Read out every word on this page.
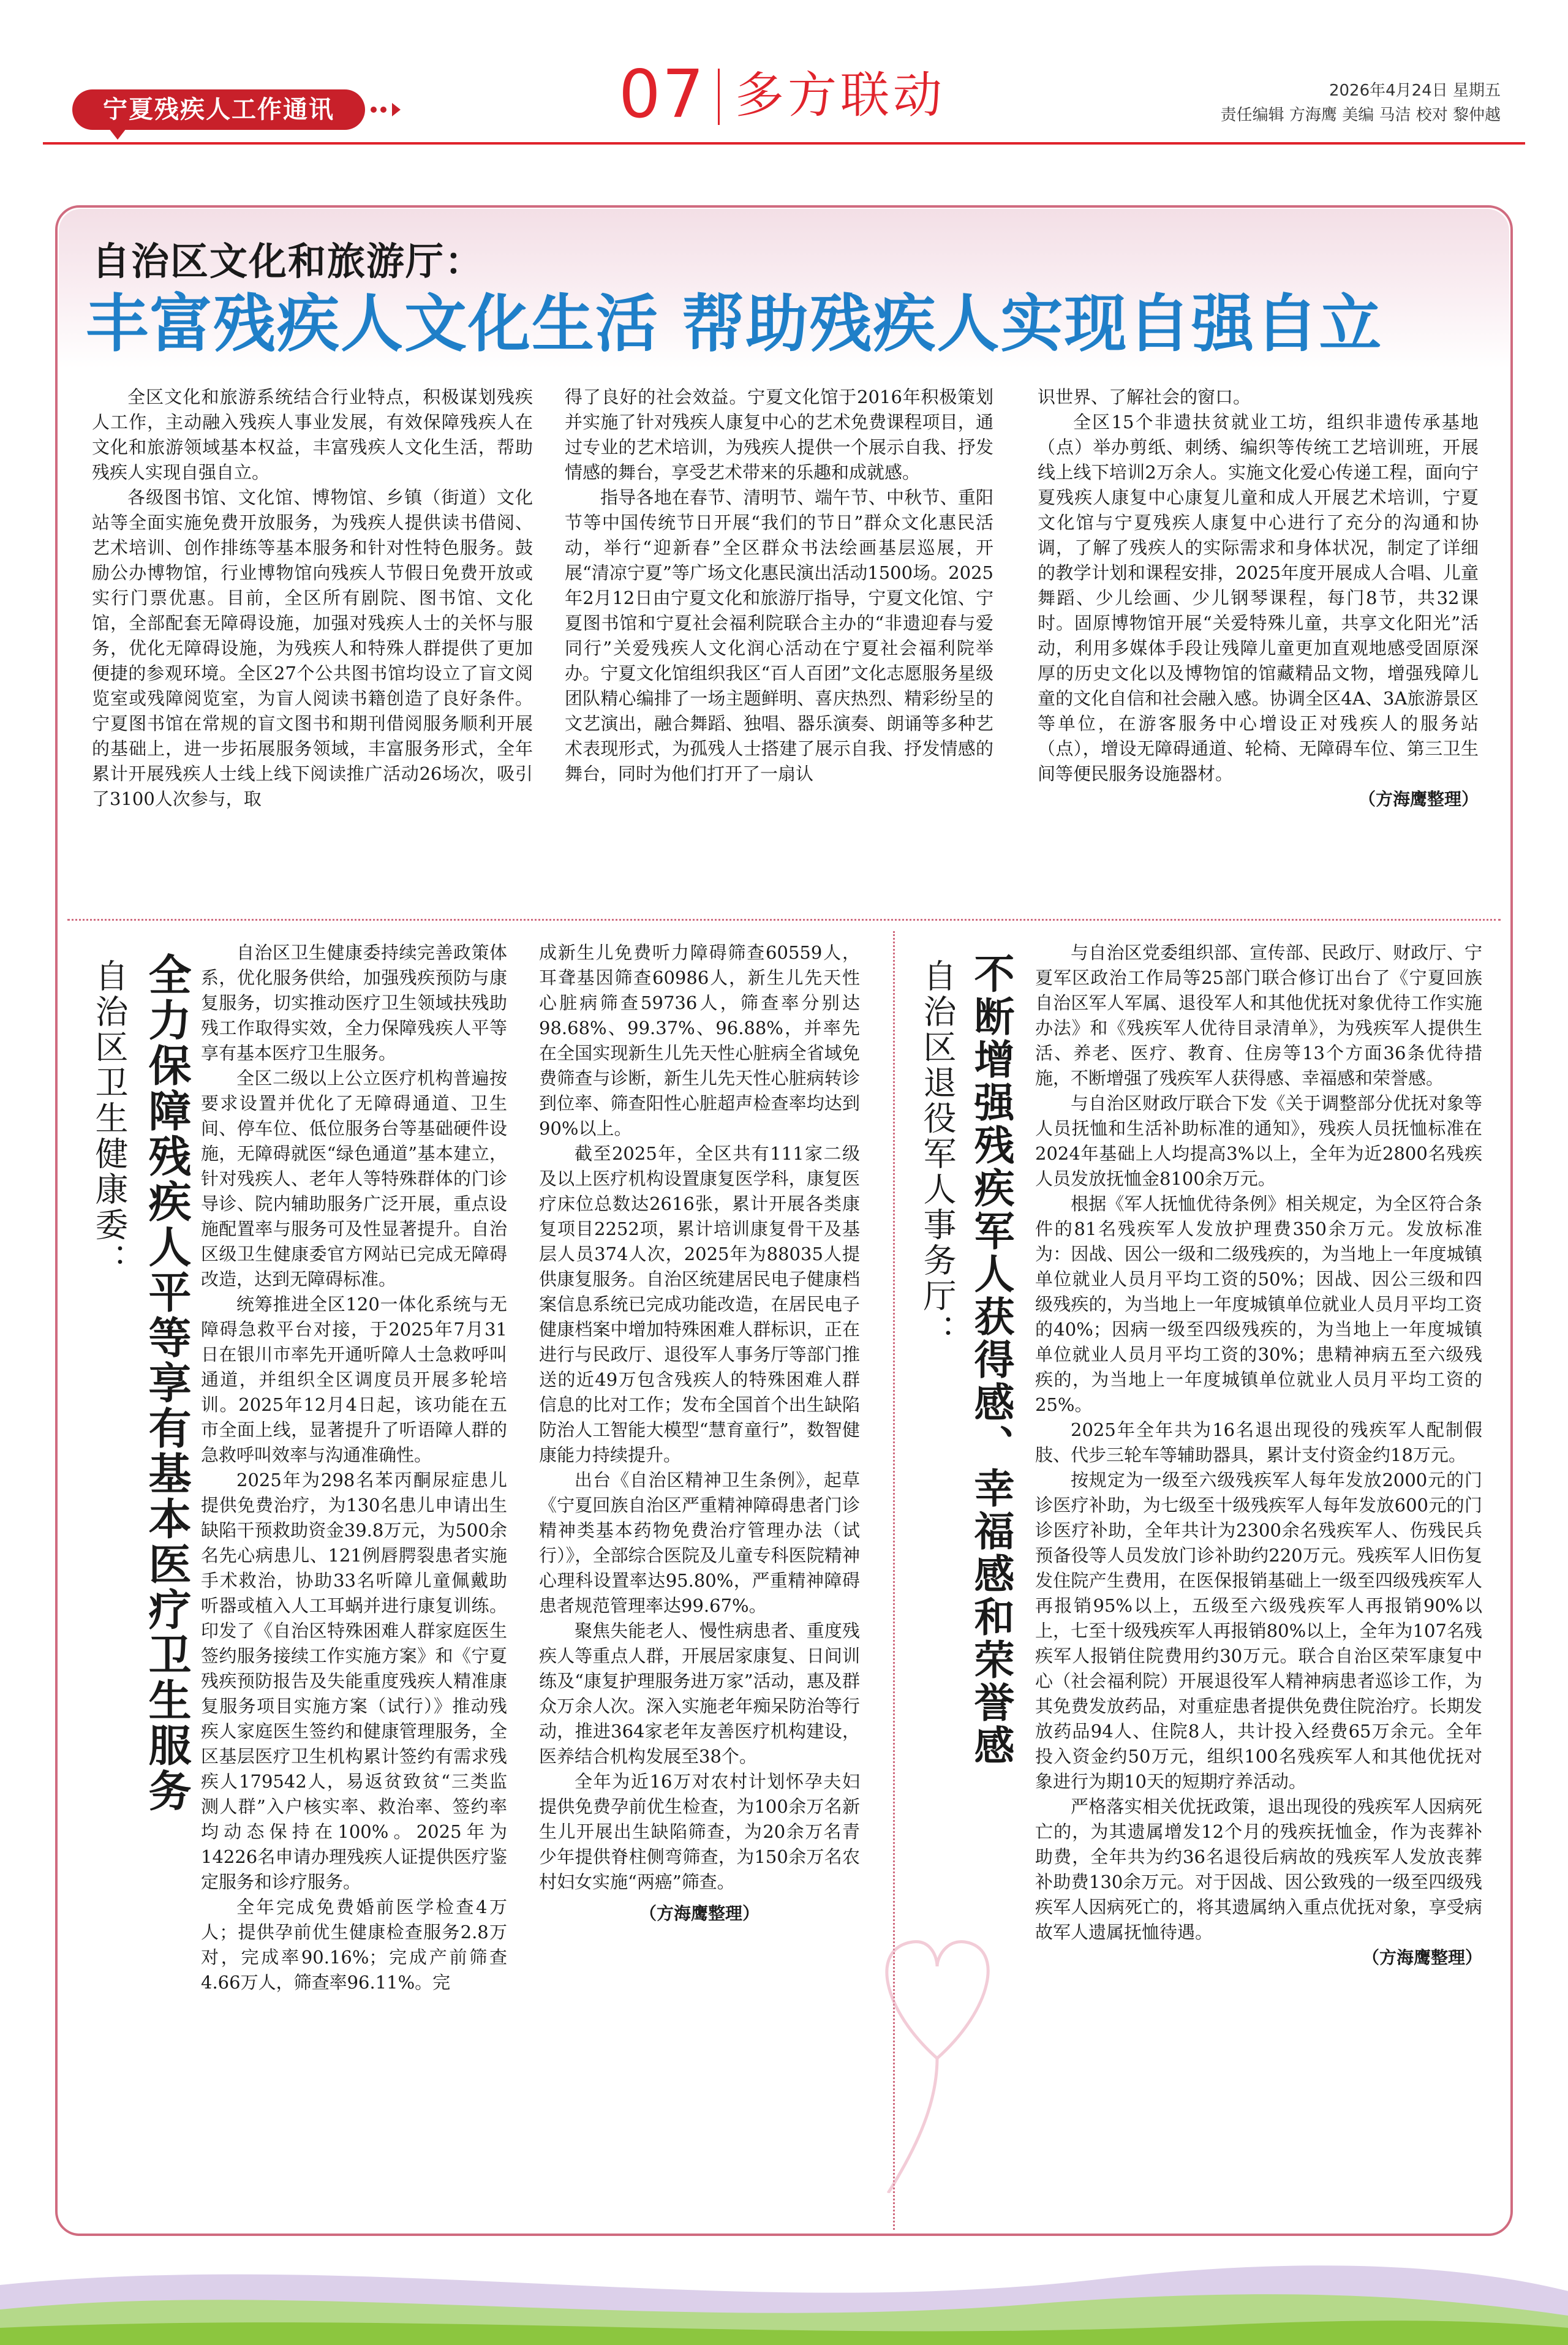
宁夏残疾人工作通讯	07 多方联动	2026年4月24日 星期五
责任编辑 方海鹰 美编 马洁 校对 黎仲越
自治区文化和旅游厅：
丰富残疾人文化生活 帮助残疾人实现自强自立

全区文化和旅游系统结合行业特点，积极谋划残疾人工作，主动融入残疾人事业发展，有效保障残疾人在文化和旅游领域基本权益，丰富残疾人文化生活，帮助残疾人实现自强自立。

各级图书馆、文化馆、博物馆、乡镇（街道）文化站等全面实施免费开放服务，为残疾人提供读书借阅、艺术培训、创作排练等基本服务和针对性特色服务。鼓励公办博物馆，行业博物馆向残疾人节假日免费开放或实行门票优惠。目前，全区所有剧院、图书馆、文化馆，全部配套无障碍设施，加强对残疾人士的关怀与服务，优化无障碍设施，为残疾人和特殊人群提供了更加便捷的参观环境。全区27个公共图书馆均设立了盲文阅览室或残障阅览室，为盲人阅读书籍创造了良好条件。宁夏图书馆在常规的盲文图书和期刊借阅服务顺利开展的基础上，进一步拓展服务领域，丰富服务形式，全年累计开展残疾人士线上线下阅读推广活动26场次，吸引了3100人次参与，取

得了良好的社会效益。宁夏文化馆于2016年积极策划并实施了针对残疾人康复中心的艺术免费课程项目，通过专业的艺术培训，为残疾人提供一个展示自我、抒发情感的舞台，享受艺术带来的乐趣和成就感。

指导各地在春节、清明节、端午节、中秋节、重阳节等中国传统节日开展“我们的节日”群众文化惠民活动，举行“迎新春”全区群众书法绘画基层巡展，开展“清凉宁夏”等广场文化惠民演出活动1500场。2025年2月12日由宁夏文化和旅游厅指导，宁夏文化馆、宁夏图书馆和宁夏社会福利院联合主办的“非遗迎春与爱同行”关爱残疾人文化润心活动在宁夏社会福利院举办。宁夏文化馆组织我区“百人百团”文化志愿服务星级团队精心编排了一场主题鲜明、喜庆热烈、精彩纷呈的文艺演出，融合舞蹈、独唱、器乐演奏、朗诵等多种艺术表现形式，为孤残人士搭建了展示自我、抒发情感的舞台，同时为他们打开了一扇认

识世界、了解社会的窗口。

全区15个非遗扶贫就业工坊，组织非遗传承基地（点）举办剪纸、刺绣、编织等传统工艺培训班，开展线上线下培训2万余人。实施文化爱心传递工程，面向宁夏残疾人康复中心康复儿童和成人开展艺术培训，宁夏文化馆与宁夏残疾人康复中心进行了充分的沟通和协调，了解了残疾人的实际需求和身体状况，制定了详细的教学计划和课程安排，2025年度开展成人合唱、儿童舞蹈、少儿绘画、少儿钢琴课程，每门8节，共32课时。固原博物馆开展“关爱特殊儿童，共享文化阳光”活动，利用多媒体手段让残障儿童更加直观地感受固原深厚的历史文化以及博物馆的馆藏精品文物，增强残障儿童的文化自信和社会融入感。协调全区4A、3A旅游景区等单位，在游客服务中心增设正对残疾人的服务站（点），增设无障碍通道、轮椅、无障碍车位、第三卫生间等便民服务设施器材。

（方海鹰整理）
全力保障残疾人平等享有基本医疗卫生服务
自治区卫生健康委：

自治区卫生健康委持续完善政策体系，优化服务供给，加强残疾预防与康复服务，切实推动医疗卫生领域扶残助残工作取得实效，全力保障残疾人平等享有基本医疗卫生服务。

全区二级以上公立医疗机构普遍按要求设置并优化了无障碍通道、卫生间、停车位、低位服务台等基础硬件设施，无障碍就医“绿色通道”基本建立，针对残疾人、老年人等特殊群体的门诊导诊、院内辅助服务广泛开展，重点设施配置率与服务可及性显著提升。自治区级卫生健康委官方网站已完成无障碍改造，达到无障碍标准。

统筹推进全区120一体化系统与无障碍急救平台对接，于2025年7月31日在银川市率先开通听障人士急救呼叫通道，并组织全区调度员开展多轮培训。2025年12月4日起，该功能在五市全面上线，显著提升了听语障人群的急救呼叫效率与沟通准确性。

2025年为298名苯丙酮尿症患儿提供免费治疗，为130名患儿申请出生缺陷干预救助资金39.8万元，为500余名先心病患儿、121例唇腭裂患者实施手术救治，协助33名听障儿童佩戴助听器或植入人工耳蜗并进行康复训练。印发了《自治区特殊困难人群家庭医生签约服务接续工作实施方案》和《宁夏残疾预防报告及失能重度残疾人精准康复服务项目实施方案（试行）》推动残疾人家庭医生签约和健康管理服务，全区基层医疗卫生机构累计签约有需求残疾人179542人，易返贫致贫“三类监测人群”入户核实率、救治率、签约率均动态保持在100%。2025年为14226名申请办理残疾人证提供医疗鉴定服务和诊疗服务。

全年完成免费婚前医学检查4万人；提供孕前优生健康检查服务2.8万对，完成率90.16%；完成产前筛查4.66万人，筛查率96.11%。完

成新生儿免费听力障碍筛查60559人，耳聋基因筛查60986人，新生儿先天性心脏病筛查59736人，筛查率分别达98.68%、99.37%、96.88%，并率先在全国实现新生儿先天性心脏病全省域免费筛查与诊断，新生儿先天性心脏病转诊到位率、筛查阳性心脏超声检查率均达到90%以上。

截至2025年，全区共有111家二级及以上医疗机构设置康复医学科，康复医疗床位总数达2616张，累计开展各类康复项目2252项，累计培训康复骨干及基层人员374人次，2025年为88035人提供康复服务。自治区统建居民电子健康档案信息系统已完成功能改造，在居民电子健康档案中增加特殊困难人群标识，正在进行与民政厅、退役军人事务厅等部门推送的近49万包含残疾人的特殊困难人群信息的比对工作；发布全国首个出生缺陷防治人工智能大模型“慧育童行”，数智健康能力持续提升。

出台《自治区精神卫生条例》，起草《宁夏回族自治区严重精神障碍患者门诊精神类基本药物免费治疗管理办法（试行）》，全部综合医院及儿童专科医院精神心理科设置率达95.80%，严重精神障碍患者规范管理率达99.67%。

聚焦失能老人、慢性病患者、重度残疾人等重点人群，开展居家康复、日间训练及“康复护理服务进万家”活动，惠及群众万余人次。深入实施老年痴呆防治等行动，推进364家老年友善医疗机构建设，医养结合机构发展至38个。

全年为近16万对农村计划怀孕夫妇提供免费孕前优生检查，为100余万名新生儿开展出生缺陷筛查，为20余万名青少年提供脊柱侧弯筛查，为150余万名农村妇女实施“两癌”筛查。

（方海鹰整理）
不断增强残疾军人获得感、幸福感和荣誉感
自治区退役军人事务厅：

与自治区党委组织部、宣传部、民政厅、财政厅、宁夏军区政治工作局等25部门联合修订出台了《宁夏回族自治区军人军属、退役军人和其他优抚对象优待工作实施办法》和《残疾军人优待目录清单》，为残疾军人提供生活、养老、医疗、教育、住房等13个方面36条优待措施，不断增强了残疾军人获得感、幸福感和荣誉感。

与自治区财政厅联合下发《关于调整部分优抚对象等人员抚恤和生活补助标准的通知》，残疾人员抚恤标准在2024年基础上人均提高3%以上，全年为近2800名残疾人员发放抚恤金8100余万元。

根据《军人抚恤优待条例》相关规定，为全区符合条件的81名残疾军人发放护理费350余万元。发放标准为：因战、因公一级和二级残疾的，为当地上一年度城镇单位就业人员月平均工资的50%；因战、因公三级和四级残疾的，为当地上一年度城镇单位就业人员月平均工资的40%；因病一级至四级残疾的，为当地上一年度城镇单位就业人员月平均工资的30%；患精神病五至六级残疾的，为当地上一年度城镇单位就业人员月平均工资的25%。

2025年全年共为16名退出现役的残疾军人配制假肢、代步三轮车等辅助器具，累计支付资金约18万元。

按规定为一级至六级残疾军人每年发放2000元的门诊医疗补助，为七级至十级残疾军人每年发放600元的门诊医疗补助，全年共计为2300余名残疾军人、伤残民兵预备役等人员发放门诊补助约220万元。残疾军人旧伤复发住院产生费用，在医保报销基础上一级至四级残疾军人再报销95%以上，五级至六级残疾军人再报销90%以上，七至十级残疾军人再报销80%以上，全年为107名残疾军人报销住院费用约30万元。联合自治区荣军康复中心（社会福利院）开展退役军人精神病患者巡诊工作，为其免费发放药品，对重症患者提供免费住院治疗。长期发放药品94人、住院8人，共计投入经费65万余元。全年投入资金约50万元，组织100名残疾军人和其他优抚对象进行为期10天的短期疗养活动。

严格落实相关优抚政策，退出现役的残疾军人因病死亡的，为其遗属增发12个月的残疾抚恤金，作为丧葬补助费，全年共为约36名退役后病故的残疾军人发放丧葬补助费130余万元。对于因战、因公致残的一级至四级残疾军人因病死亡的，将其遗属纳入重点优抚对象，享受病故军人遗属抚恤待遇。

（方海鹰整理）
